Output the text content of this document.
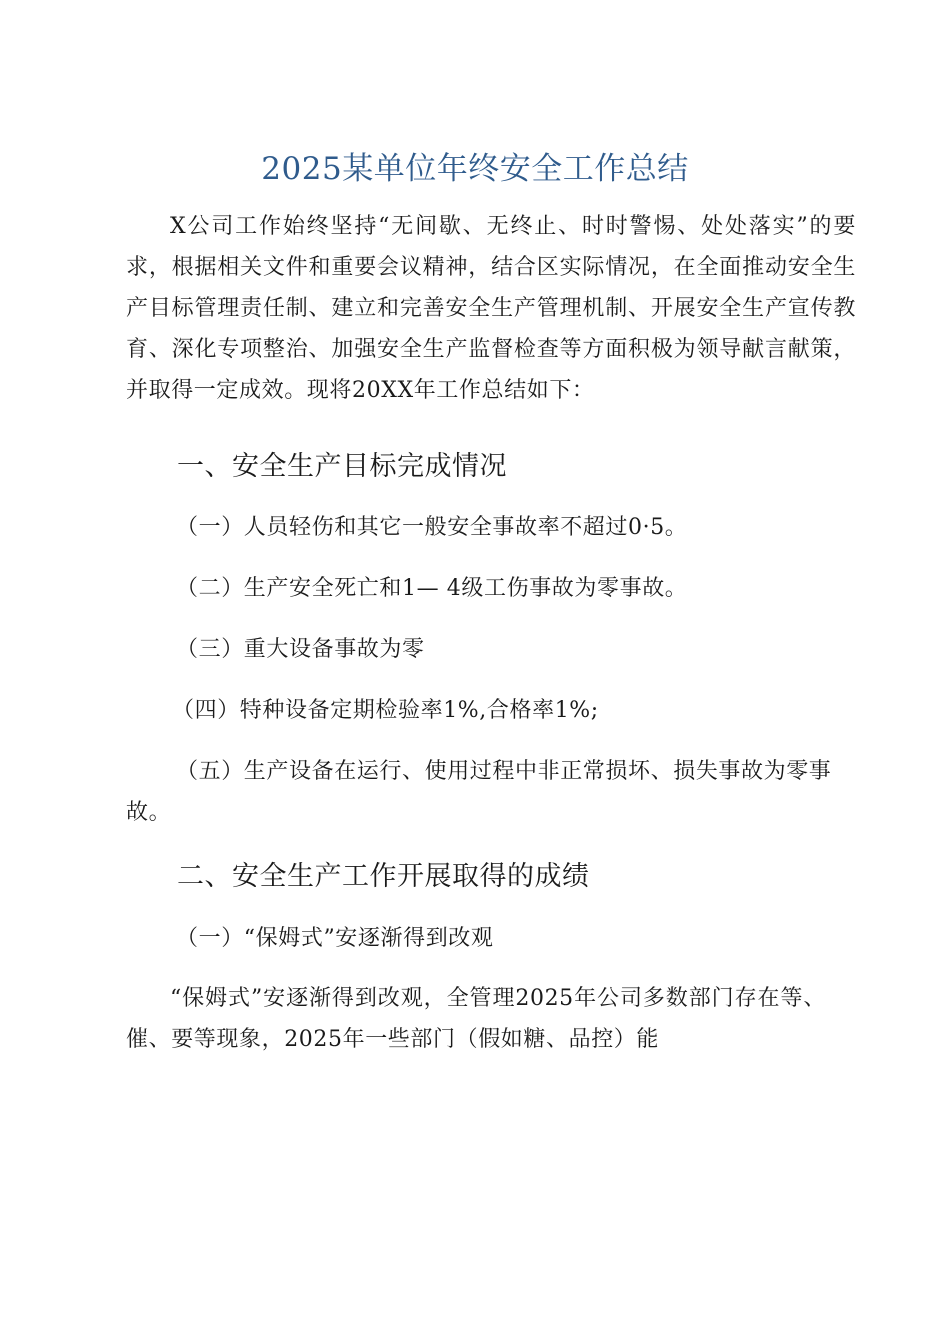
2025某单位年终安全工作总结
X公司工作始终坚持“无间歇、无终止、时时警惕、处处落实”的要求，根据相关文件和重要会议精神，结合区实际情况，在全面推动安全生产目标管理责任制、建立和完善安全生产管理机制、开展安全生产宣传教育、深化专项整治、加强安全生产监督检查等方面积极为领导献言献策，并取得一定成效。现将20XX年工作总结如下：
一、安全生产目标完成情况
（一）人员轻伤和其它一般安全事故率不超过0·5。
（二）生产安全死亡和1— 4级工伤事故为零事故。
（三）重大设备事故为零
（四）特种设备定期检验率1%,合格率1%;
（五）生产设备在运行、使用过程中非正常损坏、损失事故为零事故。
二、安全生产工作开展取得的成绩
（一）“保姆式”安逐渐得到改观
“保姆式”安逐渐得到改观，全管理2025年公司多数部门存在等、催、要等现象，2025年一些部门（假如糖、品控）能
